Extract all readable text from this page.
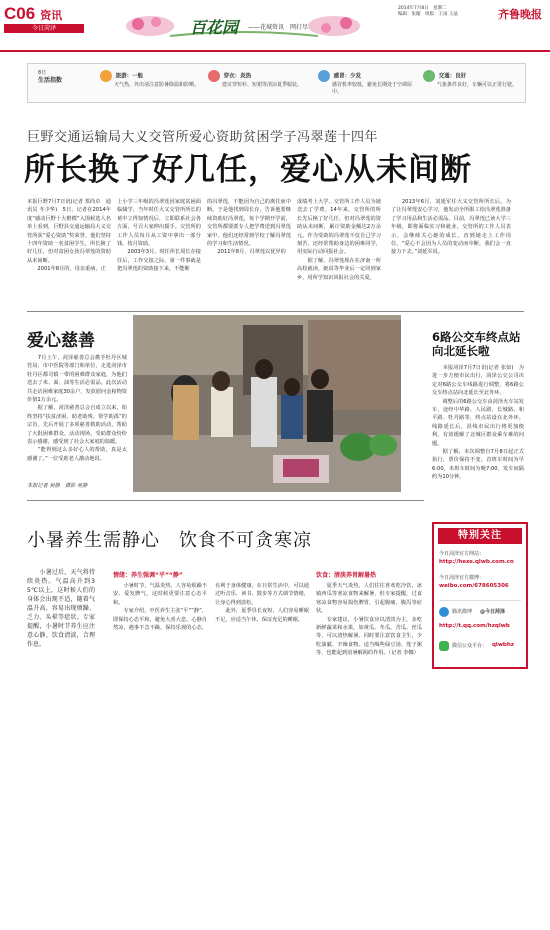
C06 资讯
今日菏泽	百花园 ——花城资讯　网打尽
2014年7月8日　星期二
编辑：张璇　组版：王雨 王晶	齐鲁晚报
8日
生活指数
旅游：一般
天气热，外出请注意防暑降温和防晒。
穿衣：炎热
建议穿短衫、短裙等清凉夏季服装。
感冒：少发
感冒机率较低，避免长期处于空调屋中。
交通：良好
气象条件良好，车辆可以正常行驶。
巨野交通运输局大义交管所爱心资助贫困学子冯翠莲十四年
所长换了好几任，爱心从未间断
本报巨野7月7日讯(记者 郑尚卓　通讯员 冬少华)　5日，记者在2014年度“感动巨野十大楷模”入围候选人名单上看到，巨野县交通运输局大义交管所获“爱心资助”奖荣誉。他们坚持十四年资助一名贫困学生，所长换了好几任，但对贫困女孩冯翠莲的资助从未间断。
　　2001年8月的，母亲重病，正
上小学三年级的冯翠莲因家庭贫困面临辍学，当年时任大义交管所所长的黄中立得知情况后，立即联系社会各方面，号召大家伸出援手。交管所的工作人员每月从工资中拿出一部分钱，按月资助。
　　2003年3月，时任所长周长存接任后，工作交接之际，第一件事就是把冯翠莲的资助接下来，不能断
的冯翠莲，不能因为自己的离任而中断。于是他找到周长存，告诉他要继续资助好冯翠莲，每个学期开学前，交管所都要派专人把学费送到冯翠莲家中。他们还经常到学校了解冯翠莲的学习和生活情况。
　　2011年8月，冯翠莲以优异的
成绩考上大学，交管所工作人员为她送去了学费。14年来，交管所的所长先后换了好几任，但对冯翠莲的资助从未间断，累计资助金额达2万余元。作为受助的冯翠莲不仅自己学习刻苦，还经常帮助身边的困难同学，用实际行动回报社会。
　　据了解，冯翠莲现在在济南一所高校就读，她说等毕业后一定回到家乡，用所学知识回报社会的关爱。
　　2013年6月，刘延军任大义交管所所长后，为了让冯翠莲安心学习，他发动全所职工给冯翠莲准备了学习用品和生活必需品。目前，冯翠莲已读大学三年级，即将面临实习和就业，交管所的工作人员表示，会继续关心她的成长，直到她走上工作岗位。“爱心不会因为人员的变动而中断，我们会一直接力下去。”刘延军说。
爱心慈善
　　7月上午，菏泽慈善总会携手牡丹区城管局、市中医院等部门和单位，走进菏泽市牡丹区都司镇一带的困难群众家庭，为他们送去了米、面、油等生活必需品。此次活动共走访困难家庭30余户，发放慰问金和物资价值1万余元。
　　据了解，菏泽慈善总会自成立以来，始终坚持“扶贫济困、助老助残、帮学助孤”的宗旨，先后开展了多项慈善救助活动，帮助了大批困难群众。活动现场，受助群众纷纷表示感谢，感受到了社会大家庭的温暖。
　　“能得到这么多好心人的帮助，真是太感谢了。”一位受助老人激动地说。
本报记者 吴静　摄影 吴静
6路公交车终点站向北延长啦
　　本报菏泽7月7日讯(记者 张如)　为进一步方便市民出行，菏泽公交公司决定对6路公交车线路进行调整，将6路公交车终点站向北延长至北外环。
　　调整后的6路公交车由菏泽火车站发车，途经中华路、人民路、长城路、和平路、牡丹路等，终点站设在北外环。线路延长后，沿线市民出行将更加便利，有效缓解了北城区群众乘车难的问题。
　　据了解，本次调整自7月8日起正式执行，票价保持不变。首班车时间为早6:00，末班车时间为晚7:00，发车间隔约为10分钟。
小暑养生需静心　饮食不可贪寒凉
　　小暑过后，天气将持续炎热。气温高升到35℃以上，这时候人们的身体会出现不适，随着气温升高，容易出现烦躁、乏力、头晕等症状。专家提醒，小暑时节养生应注意心静、饮食清淡，合理作息。
情绪：养生强调“平”“静”
　　小暑时节，气温炎热，人容易烦躁不安、爱发脾气，这时候更要注意心态平和。
　　专家介绍，中医养生主张“平”“静”，即保持心态平和，避免大喜大悲。心静自然凉，遇事不急不躁，保持乐观的心态，有利于身体健康。在日常生活中，可以通过听音乐、读书、散步等方式调节情绪，让身心得到放松。
　　此外，夏季昼长夜短，人们容易睡眠不足，应适当午休，保证充足的睡眠。
饮食：清淡养胃解暑热
　　夏季天气炎热，人们往往喜欢吃冷饮、冰镇西瓜等寒凉食物来解暑，但专家提醒，过食寒凉食物容易损伤脾胃，引起腹痛、腹泻等症状。
　　专家建议，小暑饮食应以清淡为主，多吃新鲜蔬菜和水果，如黄瓜、冬瓜、苦瓜、丝瓜等，可以清热解暑。同时要注意饮食卫生，少吃油腻、辛辣食物。适当喝些绿豆汤、莲子粥等，也能起到消暑解渴的作用。（记者 李娜）
特别关注
今日菏泽官方网站：
http://heze.qlwb.com.cn
今日菏泽官方微博：
weibo.com/678605306
腾讯微博 @今日菏泽
http://t.qq.com/hzqlwb
微信公众平台： qlwbhz
